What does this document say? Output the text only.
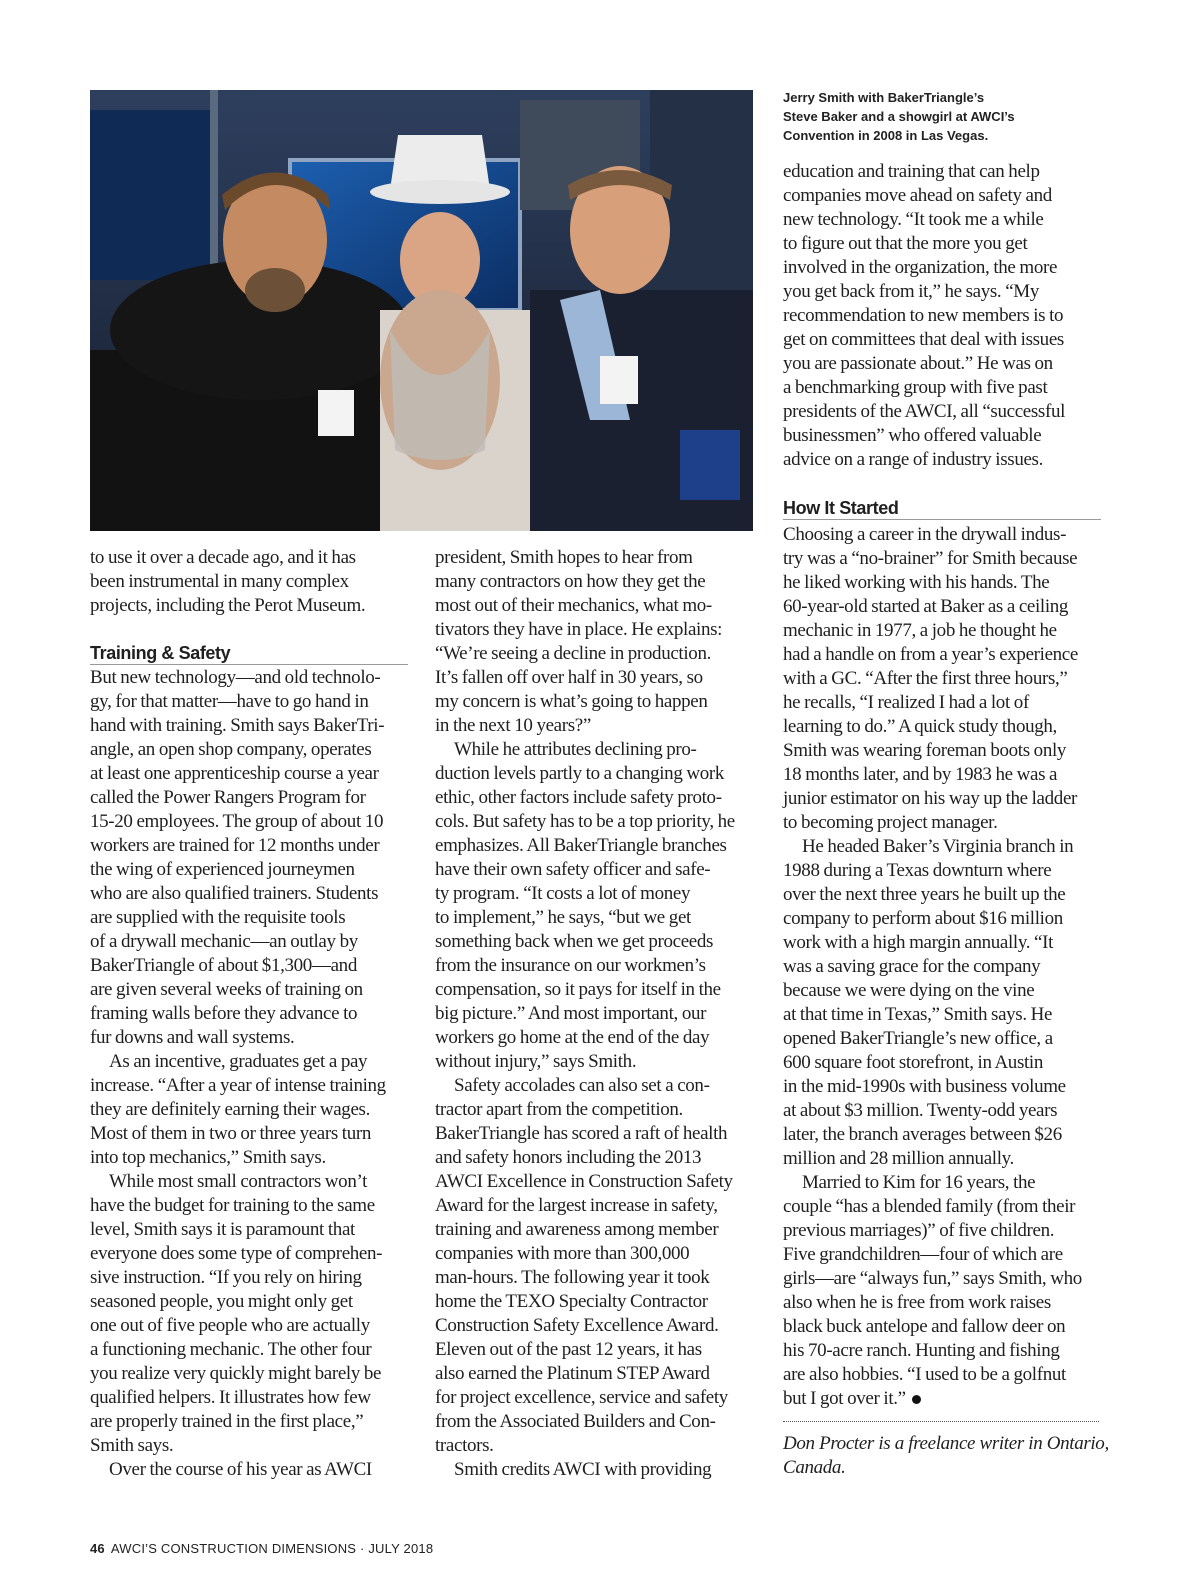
Jerry Smith with BakerTriangle’s
Steve Baker and a showgirl at AWCI’s
Convention in 2008 in Las Vegas.
to use it over a decade ago, and it has
been instrumental in many complex
projects, including the Perot Museum.
Training & Safety
But new technology—and old technolo-
gy, for that matter—have to go hand in
hand with training. Smith says BakerTri-
angle, an open shop company, operates
at least one apprenticeship course a year
called the Power Rangers Program for
15-20 employees. The group of about 10
workers are trained for 12 months under
the wing of experienced journeymen
who are also qualified trainers. Students
are supplied with the requisite tools
of a drywall mechanic—an outlay by
BakerTriangle of about $1,300—and
are given several weeks of training on
framing walls before they advance to
fur downs and wall systems.
As an incentive, graduates get a pay
increase. “After a year of intense training
they are definitely earning their wages.
Most of them in two or three years turn
into top mechanics,” Smith says.
While most small contractors won’t
have the budget for training to the same
level, Smith says it is paramount that
everyone does some type of comprehen-
sive instruction. “If you rely on hiring
seasoned people, you might only get
one out of five people who are actually
a functioning mechanic. The other four
you realize very quickly might barely be
qualified helpers. It illustrates how few
are properly trained in the first place,”
Smith says.
Over the course of his year as AWCI
president, Smith hopes to hear from
many contractors on how they get the
most out of their mechanics, what mo-
tivators they have in place. He explains:
“We’re seeing a decline in production.
It’s fallen off over half in 30 years, so
my concern is what’s going to happen
in the next 10 years?”
While he attributes declining pro-
duction levels partly to a changing work
ethic, other factors include safety proto-
cols. But safety has to be a top priority, he
emphasizes. All BakerTriangle branches
have their own safety officer and safe-
ty program. “It costs a lot of money
to implement,” he says, “but we get
something back when we get proceeds
from the insurance on our workmen’s
compensation, so it pays for itself in the
big picture.” And most important, our
workers go home at the end of the day
without injury,” says Smith.
Safety accolades can also set a con-
tractor apart from the competition.
BakerTriangle has scored a raft of health
and safety honors including the 2013
AWCI Excellence in Construction Safety
Award for the largest increase in safety,
training and awareness among member
companies with more than 300,000
man-hours. The following year it took
home the TEXO Specialty Contractor
Construction Safety Excellence Award.
Eleven out of the past 12 years, it has
also earned the Platinum STEP Award
for project excellence, service and safety
from the Associated Builders and Con-
tractors.
Smith credits AWCI with providing
education and training that can help
companies move ahead on safety and
new technology. “It took me a while
to figure out that the more you get
involved in the organization, the more
you get back from it,” he says. “My
recommendation to new members is to
get on committees that deal with issues
you are passionate about.” He was on
a benchmarking group with five past
presidents of the AWCI, all “successful
businessmen” who offered valuable
advice on a range of industry issues.
How It Started
Choosing a career in the drywall indus-
try was a “no-brainer” for Smith because
he liked working with his hands. The
60-year-old started at Baker as a ceiling
mechanic in 1977, a job he thought he
had a handle on from a year’s experience
with a GC. “After the first three hours,”
he recalls, “I realized I had a lot of
learning to do.” A quick study though,
Smith was wearing foreman boots only
18 months later, and by 1983 he was a
junior estimator on his way up the ladder
to becoming project manager.
He headed Baker’s Virginia branch in
1988 during a Texas downturn where
over the next three years he built up the
company to perform about $16 million
work with a high margin annually. “It
was a saving grace for the company
because we were dying on the vine
at that time in Texas,” Smith says. He
opened BakerTriangle’s new office, a
600 square foot storefront, in Austin
in the mid-1990s with business volume
at about $3 million. Twenty-odd years
later, the branch averages between $26
million and 28 million annually.
Married to Kim for 16 years, the
couple “has a blended family (from their
previous marriages)” of five children.
Five grandchildren—four of which are
girls—are “always fun,” says Smith, who
also when he is free from work raises
black buck antelope and fallow deer on
his 70-acre ranch. Hunting and fishing
are also hobbies. “I used to be a golfnut
but I got over it.”
Don Procter is a freelance writer in Ontario,
Canada.
46 AWCI’S CONSTRUCTION DIMENSIONS · JULY 2018
